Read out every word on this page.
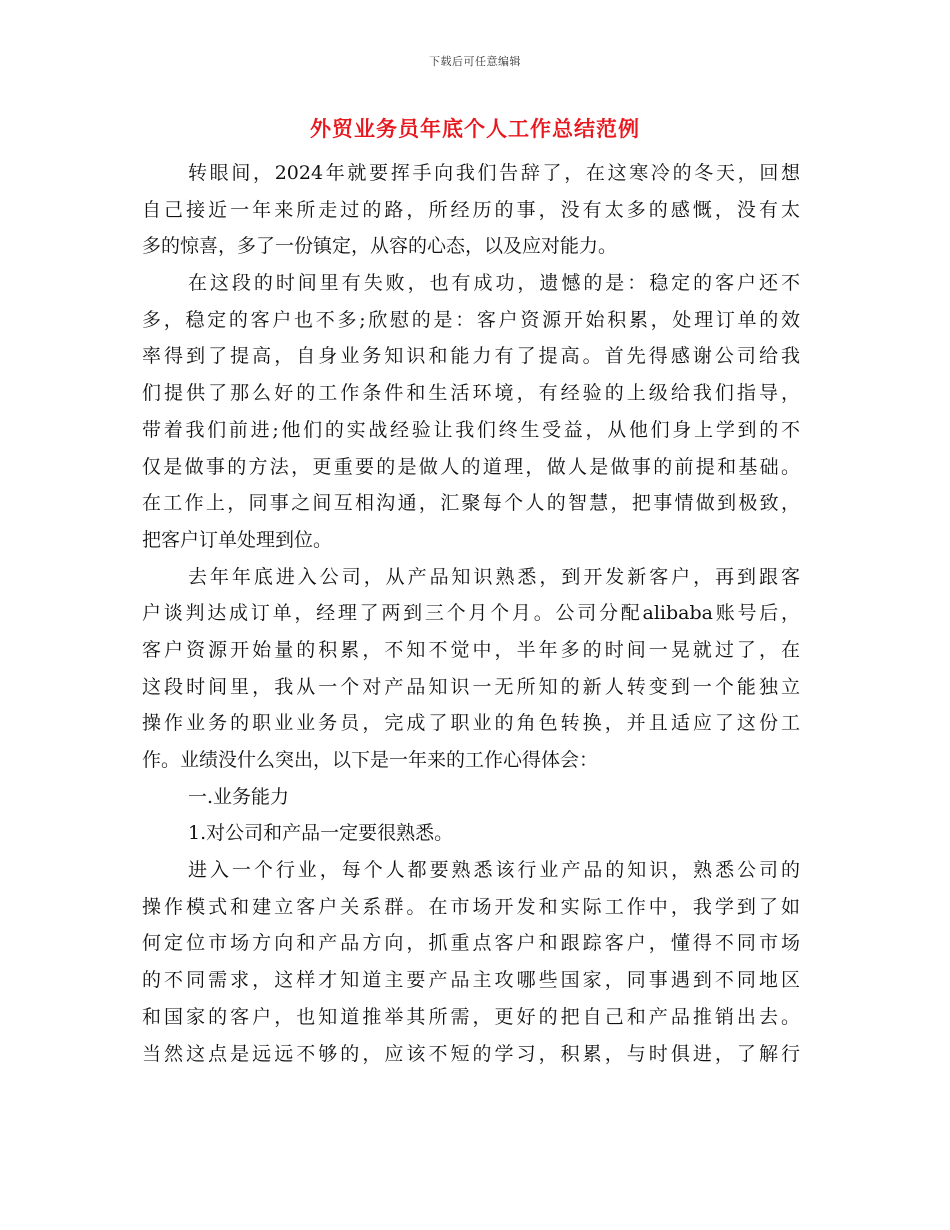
下载后可任意编辑
外贸业务员年底个人工作总结范例
转眼间，2024年就要挥手向我们告辞了，在这寒冷的冬天，回想
自己接近一年来所走过的路，所经历的事，没有太多的感慨，没有太
多的惊喜，多了一份镇定，从容的心态，以及应对能力。
在这段的时间里有失败，也有成功，遗憾的是：稳定的客户还不
多，稳定的客户也不多;欣慰的是：客户资源开始积累，处理订单的效
率得到了提高，自身业务知识和能力有了提高。首先得感谢公司给我
们提供了那么好的工作条件和生活环境，有经验的上级给我们指导，
带着我们前进;他们的实战经验让我们终生受益，从他们身上学到的不
仅是做事的方法，更重要的是做人的道理，做人是做事的前提和基础。
在工作上，同事之间互相沟通，汇聚每个人的智慧，把事情做到极致，
把客户订单处理到位。
去年年底进入公司，从产品知识熟悉，到开发新客户，再到跟客
户谈判达成订单，经理了两到三个月个月。公司分配alibaba账号后，
客户资源开始量的积累，不知不觉中，半年多的时间一晃就过了，在
这段时间里，我从一个对产品知识一无所知的新人转变到一个能独立
操作业务的职业业务员，完成了职业的角色转换，并且适应了这份工
作。业绩没什么突出，以下是一年来的工作心得体会：
一.业务能力
1.对公司和产品一定要很熟悉。
进入一个行业，每个人都要熟悉该行业产品的知识，熟悉公司的
操作模式和建立客户关系群。在市场开发和实际工作中，我学到了如
何定位市场方向和产品方向，抓重点客户和跟踪客户，懂得不同市场
的不同需求，这样才知道主要产品主攻哪些国家，同事遇到不同地区
和国家的客户，也知道推举其所需，更好的把自己和产品推销出去。
当然这点是远远不够的，应该不短的学习，积累，与时俱进，了解行
